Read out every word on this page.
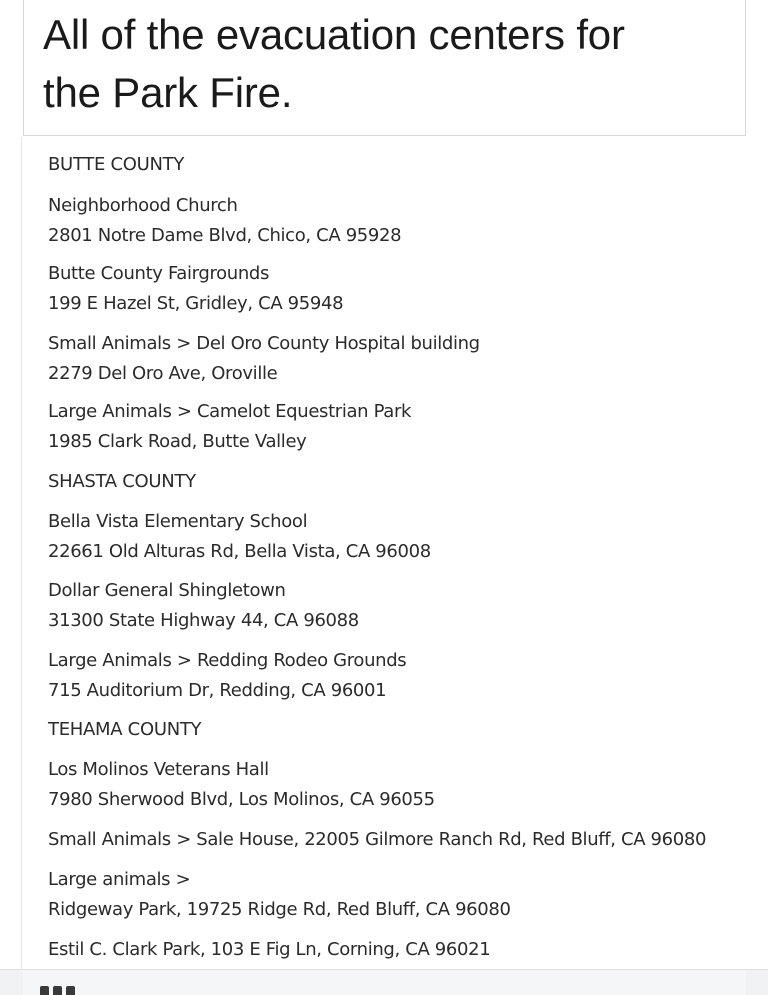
All of the evacuation centers for
the Park Fire.
BUTTE COUNTY
Neighborhood Church
2801 Notre Dame Blvd, Chico, CA 95928
Butte County Fairgrounds
199 E Hazel St, Gridley, CA 95948
Small Animals > Del Oro County Hospital building
2279 Del Oro Ave, Oroville
Large Animals > Camelot Equestrian Park
1985 Clark Road, Butte Valley
SHASTA COUNTY
Bella Vista Elementary School
22661 Old Alturas Rd, Bella Vista, CA 96008
Dollar General Shingletown
31300 State Highway 44, CA 96088
Large Animals > Redding Rodeo Grounds
715 Auditorium Dr, Redding, CA 96001
TEHAMA COUNTY
Los Molinos Veterans Hall
7980 Sherwood Blvd, Los Molinos, CA 96055
Small Animals > Sale House, 22005 Gilmore Ranch Rd, Red Bluff, CA 96080
Large animals >
Ridgeway Park, 19725 Ridge Rd, Red Bluff, CA 96080
Estil C. Clark Park, 103 E Fig Ln, Corning, CA 96021
